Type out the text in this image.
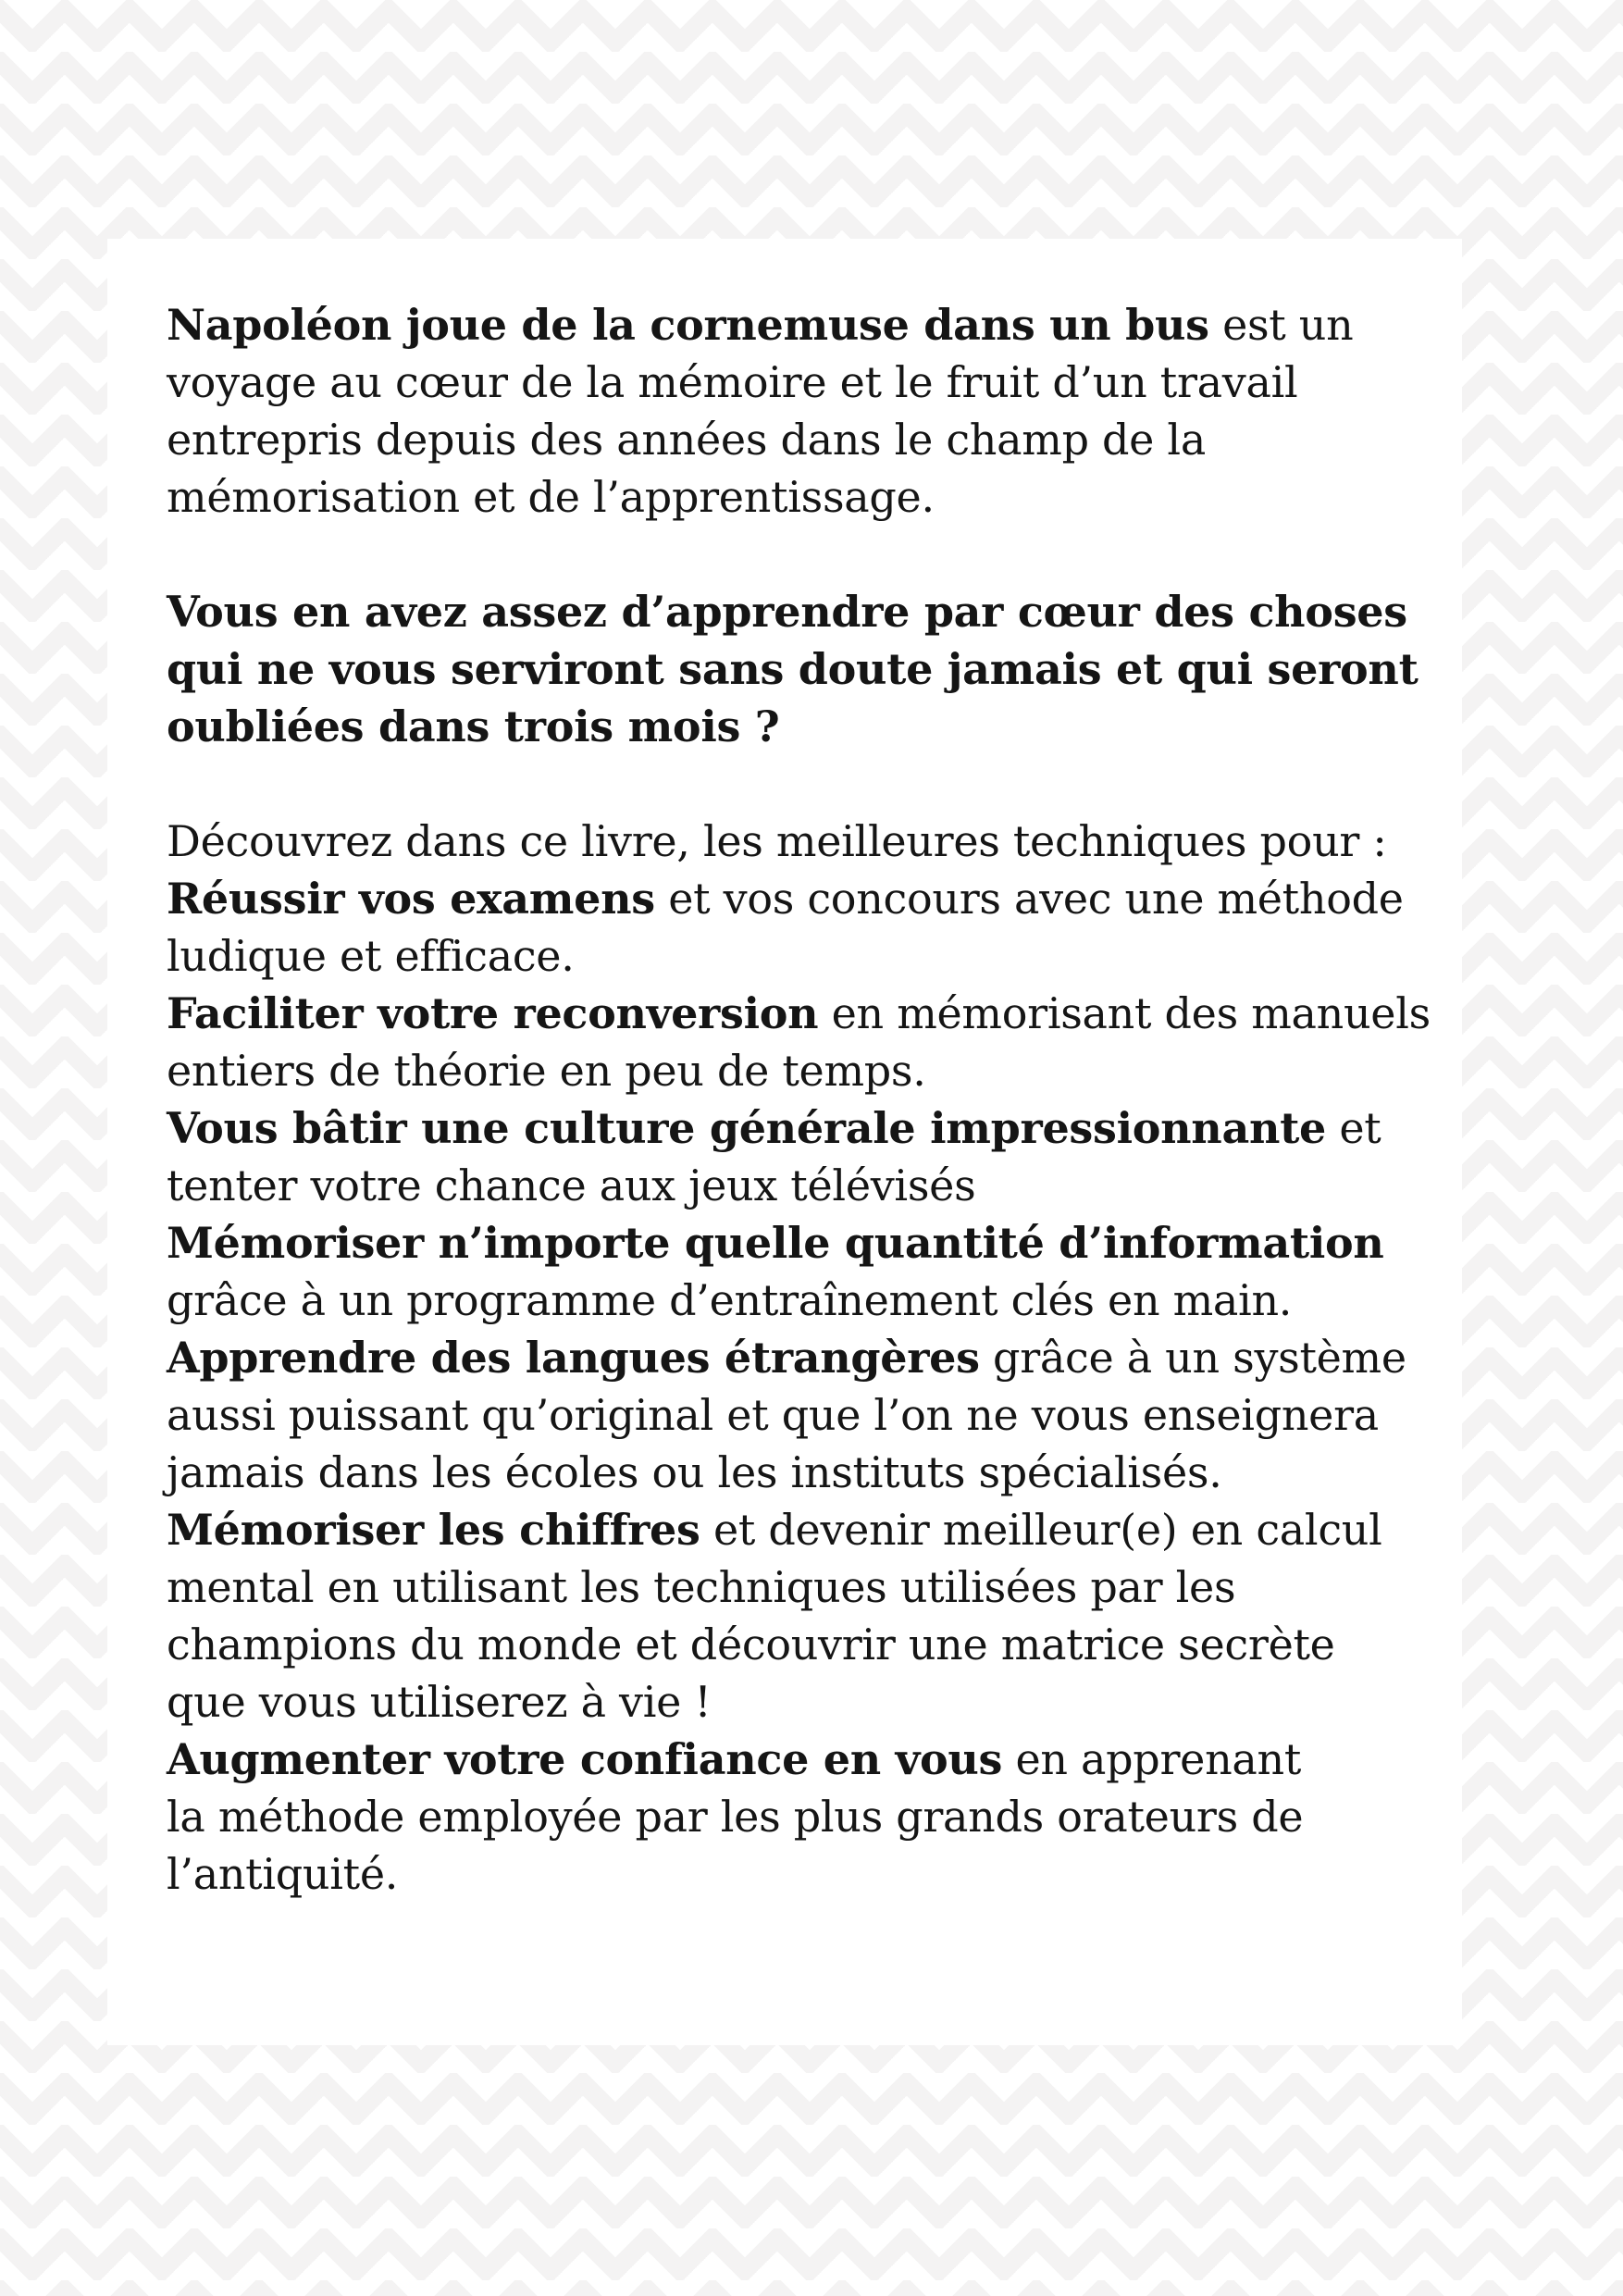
Napoléon joue de la cornemuse dans un bus est un
voyage au cœur de la mémoire et le fruit d’un travail
entrepris depuis des années dans le champ de la
mémorisation et de l’apprentissage.

Vous en avez assez d’apprendre par cœur des choses
qui ne vous serviront sans doute jamais et qui seront
oubliées dans trois mois ?

Découvrez dans ce livre, les meilleures techniques pour :
Réussir vos examens et vos concours avec une méthode
ludique et efficace.
Faciliter votre reconversion en mémorisant des manuels
entiers de théorie en peu de temps.
Vous bâtir une culture générale impressionnante et
tenter votre chance aux jeux télévisés
Mémoriser n’importe quelle quantité d’information
grâce à un programme d’entraînement clés en main.
Apprendre des langues étrangères grâce à un système
aussi puissant qu’original et que l’on ne vous enseignera
jamais dans les écoles ou les instituts spécialisés.
Mémoriser les chiffres et devenir meilleur(e) en calcul
mental en utilisant les techniques utilisées par les
champions du monde et découvrir une matrice secrète
que vous utiliserez à vie !
Augmenter votre confiance en vous en apprenant
la méthode employée par les plus grands orateurs de
l’antiquité.
